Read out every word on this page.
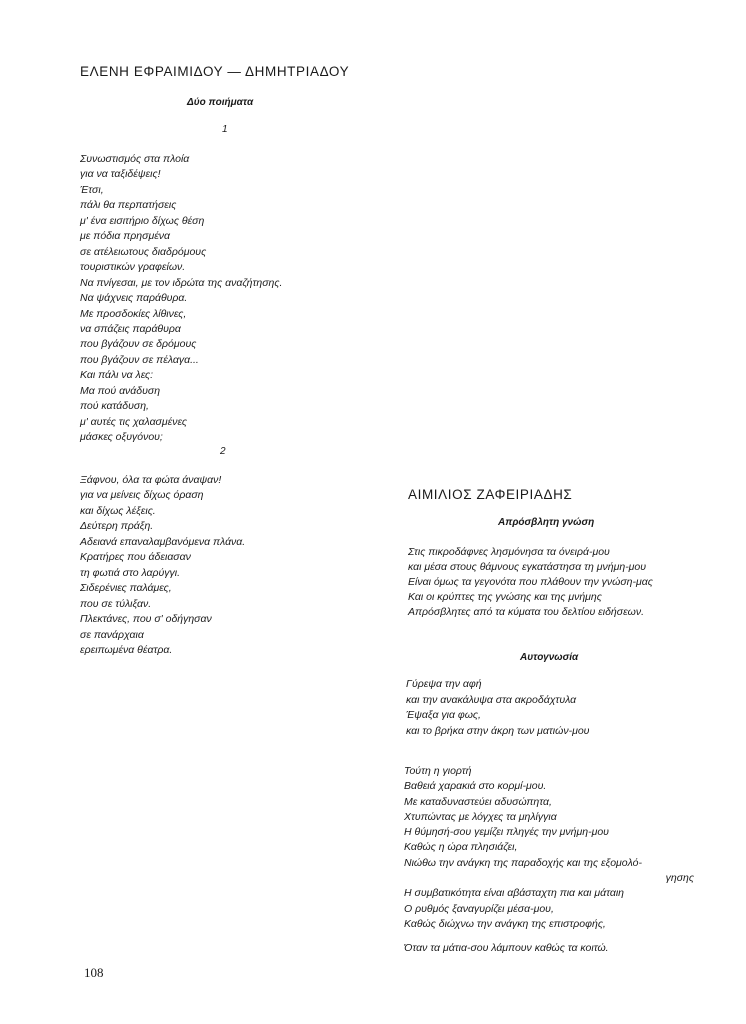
ΕΛΕΝΗ ΕΦΡΑΙΜΙΔΟΥ — ΔΗΜΗΤΡΙΑΔΟΥ
Δύο ποιήματα
1
Συνωστισμός στα πλοία
για να ταξιδέψεις!
Έτσι,
πάλι θα περπατήσεις
μ' ένα εισιτήριο δίχως θέση
με πόδια πρησμένα
σε ατέλειωτους διαδρόμους
τουριστικών γραφείων.
Να πνίγεσαι, με τον ιδρώτα της αναζήτησης.
Να ψάχνεις παράθυρα.
Με προσδοκίες λίθινες,
να σπάζεις παράθυρα
που βγάζουν σε δρόμους
που βγάζουν σε πέλαγα...
Και πάλι να λες:
Μα πού ανάδυση
πού κατάδυση,
μ' αυτές τις χαλασμένες
μάσκες οξυγόνου;
2
Ξάφνου, όλα τα φώτα άναψαν!
για να μείνεις δίχως όραση
και δίχως λέξεις.
Δεύτερη πράξη.
Αδειανά επαναλαμβανόμενα πλάνα.
Κρατήρες που άδειασαν
τη φωτιά στο λαρύγγι.
Σιδερένιες παλάμες,
που σε τύλιξαν.
Πλεκτάνες, που σ' οδήγησαν
σε πανάρχαια
ερειπωμένα θέατρα.
ΑΙΜΙΛΙΟΣ ΖΑΦΕΙΡΙΑΔΗΣ
Απρόσβλητη γνώση
Στις πικροδάφνες λησμόνησα τα όνειρά-μου
και μέσα στους θάμνους εγκατάστησα τη μνήμη-μου
Είναι όμως τα γεγονότα που πλάθουν την γνώση-μας
Και οι κρύπτες της γνώσης και της μνήμης
Απρόσβλητες από τα κύματα του δελτίου ειδήσεων.
Αυτογνωσία
Γύρεψα την αφή
και την ανακάλυψα στα ακροδάχτυλα
Έψαξα για φως,
και το βρήκα στην άκρη των ματιών-μου
Τούτη η γιορτή
Βαθειά χαρακιά στο κορμί-μου.
Με καταδυναστεύει αδυσώπητα,
Χτυπώντας με λόγχες τα μηλίγγια
Η θύμησή-σου γεμίζει πληγές την μνήμη-μου
Καθώς η ώρα πλησιάζει,
Νιώθω την ανάγκη της παραδοχής και της εξομολό-
γησης
Η συμβατικότητα είναι αβάσταχτη πια και μάταιη
Ο ρυθμός ξαναγυρίζει μέσα-μου,
Καθώς διώχνω την ανάγκη της επιστροφής,
Όταν τα μάτια-σου λάμπουν καθώς τα κοιτώ.
108
